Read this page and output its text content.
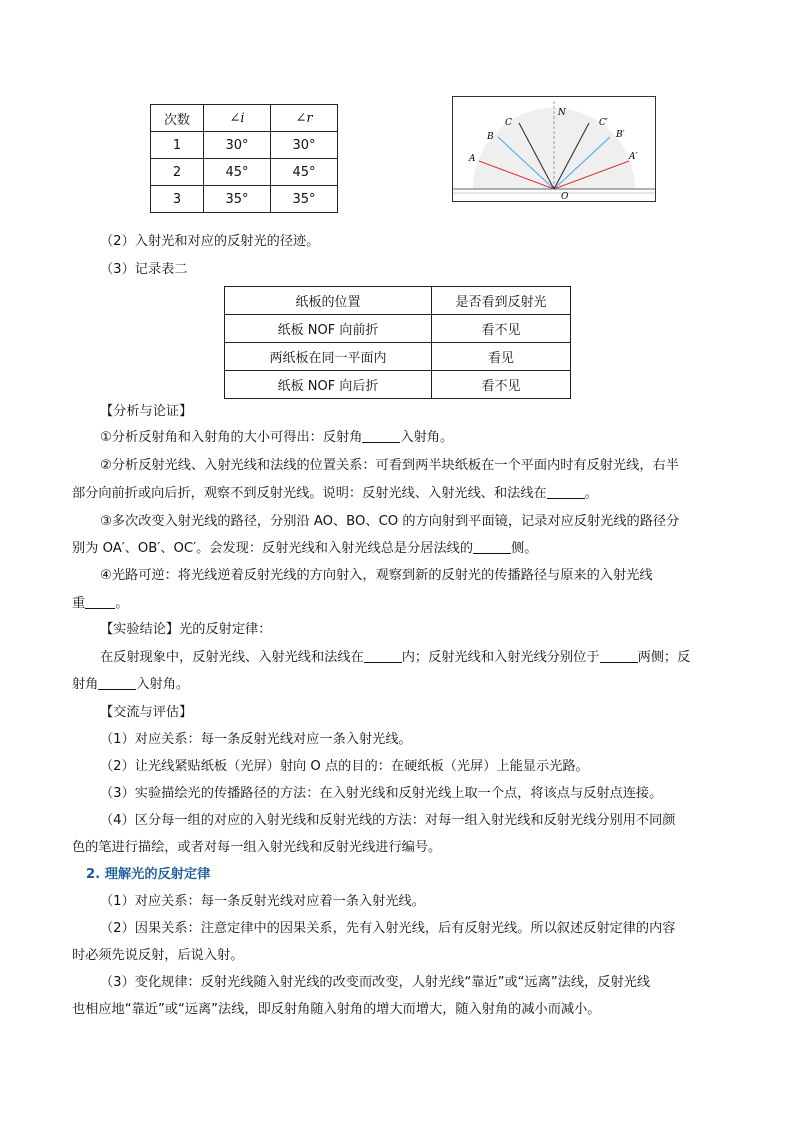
次数	∠i	∠r
1	30°	30°
2	45°	45°
3	35°	35°
N
C
B
A
C′
B′
A′
O
（2）入射光和对应的反射光的径迹。
（3）记录表二
纸板的位置	是否看到反射光
纸板 NOF 向前折	看不见
两纸板在同一平面内	看见
纸板 NOF 向后折	看不见
【分析与论证】
①分析反射角和入射角的大小可得出：反射角	入射角。
②分析反射光线、入射光线和法线的位置关系：可看到两半块纸板在一个平面内时有反射光线，右半
部分向前折或向后折，观察不到反射光线。说明：反射光线、入射光线、和法线在	。
③多次改变入射光线的路径，分别沿 AO、BO、CO 的方向射到平面镜，记录对应反射光线的路径分
别为 OA′、OB′、OC′。会发现：反射光线和入射光线总是分居法线的	侧。
④光路可逆：将光线逆着反射光线的方向射入，观察到新的反射光的传播路径与原来的入射光线
重 。
【实验结论】光的反射定律：
在反射现象中，反射光线、入射光线和法线在	内；反射光线和入射光线分别位于	两侧；反
射角	入射角。
【交流与评估】
（1）对应关系：每一条反射光线对应一条入射光线。
（2）让光线紧贴纸板（光屏）射向 O 点的目的：在硬纸板（光屏）上能显示光路。
（3）实验描绘光的传播路径的方法：在入射光线和反射光线上取一个点，将该点与反射点连接。
（4）区分每一组的对应的入射光线和反射光线的方法：对每一组入射光线和反射光线分别用不同颜
色的笔进行描绘，或者对每一组入射光线和反射光线进行编号。
2. 理解光的反射定律
（1）对应关系：每一条反射光线对应着一条入射光线。
（2）因果关系：注意定律中的因果关系，先有入射光线，后有反射光线。所以叙述反射定律的内容
时必须先说反射，后说入射。
（3）变化规律：反射光线随入射光线的改变而改变，人射光线“靠近”或“远离”法线，反射光线
也相应地“靠近”或“远离”法线，即反射角随入射角的增大而增大，随入射角的减小而减小。
